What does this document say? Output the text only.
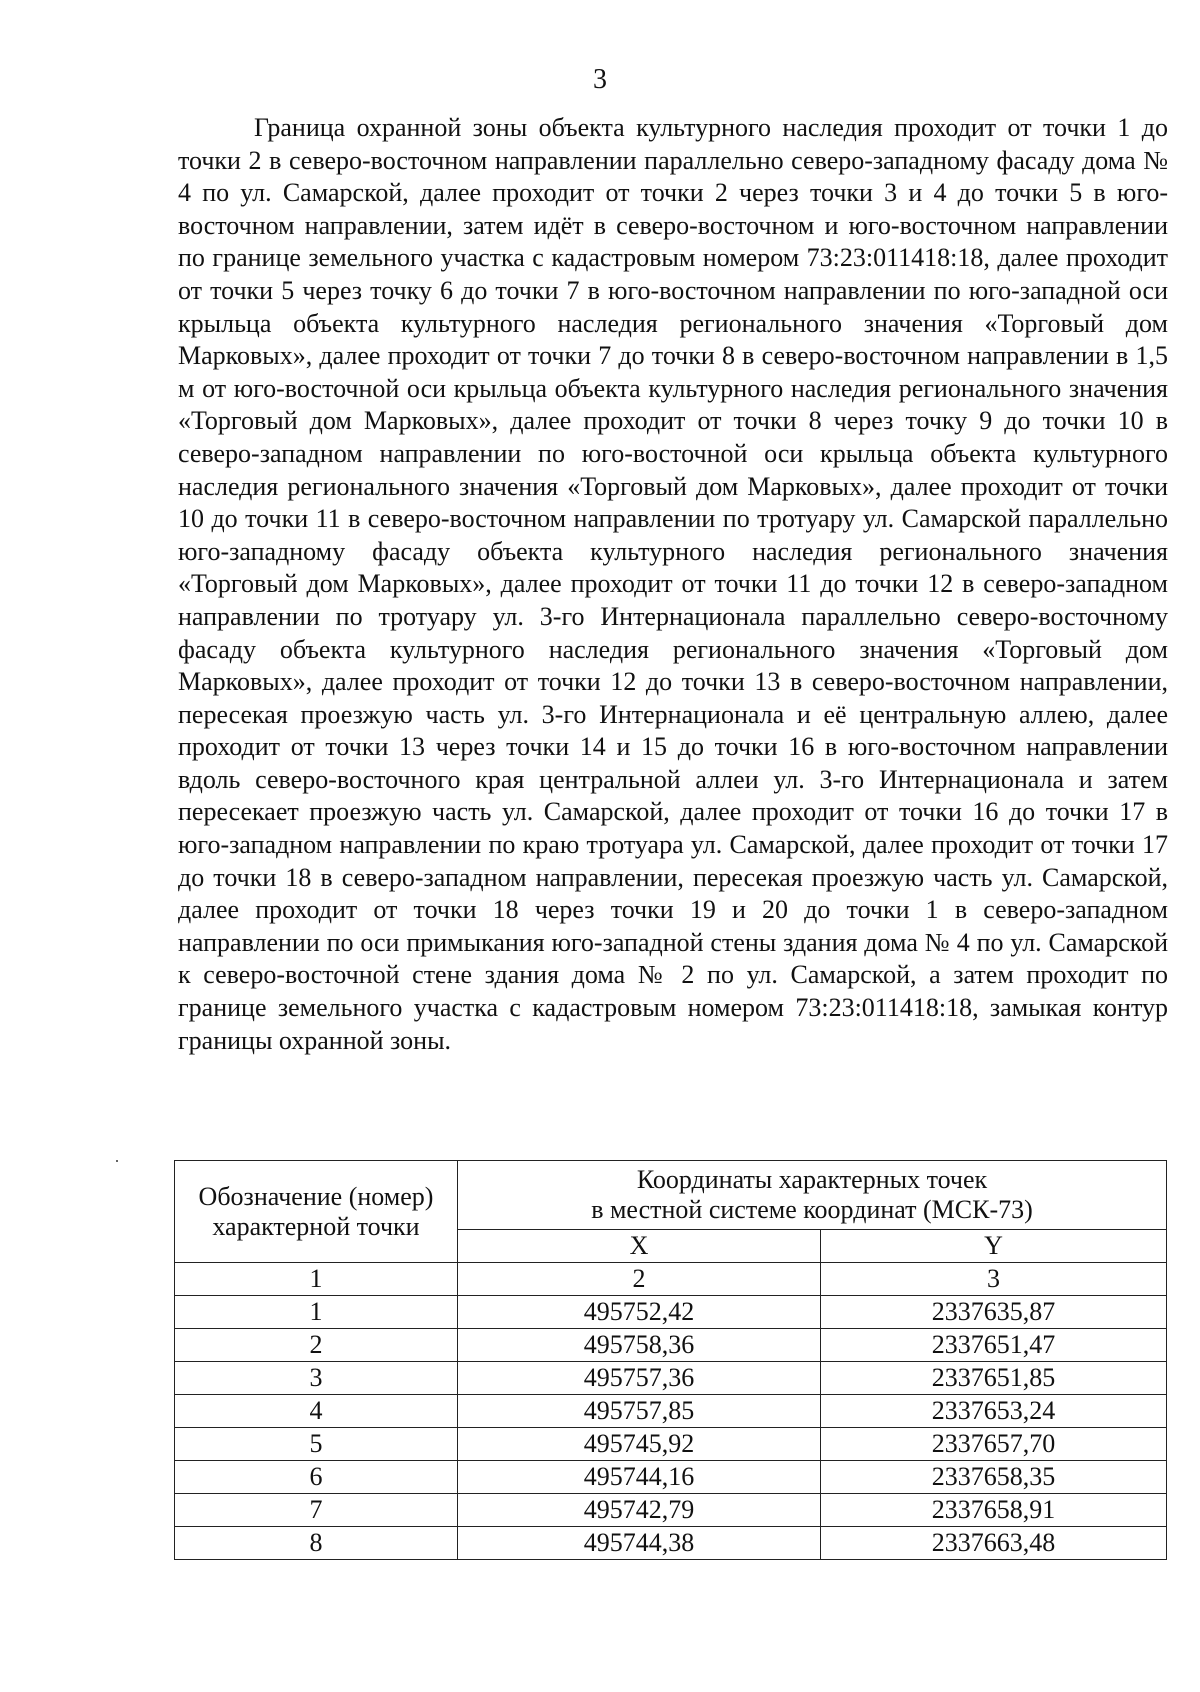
3

Граница охранной зоны объекта культурного наследия проходит от точки 1 до точки 2 в северо-восточном направлении параллельно северо-западному фасаду дома № 4 по ул. Самарской, далее проходит от точки 2 через точки 3 и 4 до точки 5 в юго-восточном направлении, затем идёт в северо-восточном и юго-восточном направлении по границе земельного участка с кадастровым номером 73:23:011418:18, далее проходит от точки 5 через точку 6 до точки 7 в юго-восточном направлении по юго-западной оси крыльца объекта культурного наследия регионального значения «Торговый дом Марковых», далее проходит от точки 7 до точки 8 в северо-восточном направлении в 1,5 м от юго-восточной оси крыльца объекта культурного наследия регионального значения «Торговый дом Марковых», далее проходит от точки 8 через точку 9 до точки 10 в северо-западном направлении по юго-восточной оси крыльца объекта культурного наследия регионального значения «Торговый дом Марковых», далее проходит от точки 10 до точки 11 в северо-восточном направлении по тротуару ул. Самарской параллельно юго-западному фасаду объекта культурного наследия регионального значения «Торговый дом Марковых», далее проходит от точки 11 до точки 12 в северо-западном направлении по тротуару ул. 3-го Интернационала параллельно северо-восточному фасаду объекта культурного наследия регионального значения «Торговый дом Марковых», далее проходит от точки 12 до точки 13 в северо-восточном направлении, пересекая проезжую часть ул. 3-го Интернационала и её центральную аллею, далее проходит от точки 13 через точки 14 и 15 до точки 16 в юго-восточном направлении вдоль северо-восточного края центральной аллеи ул. 3-го Интернационала и затем пересекает проезжую часть ул. Самарской, далее проходит от точки 16 до точки 17 в юго-западном направлении по краю тротуара ул. Самарской, далее проходит от точки 17 до точки 18 в северо-западном направлении, пересекая проезжую часть ул. Самарской, далее проходит от точки 18 через точки 19 и 20 до точки 1 в северо-западном направлении по оси примыкания юго-западной стены здания дома № 4 по ул. Самарской к северо-восточной стене здания дома № 2 по ул. Самарской, а затем проходит по границе земельного участка с кадастровым номером 73:23:011418:18, замыкая контур границы охранной зоны.

Обозначение (номер) характерной точки	Координаты характерных точек
в местной системе координат (МСК-73)	

	X	Y
1	2	3
1	495752,42	2337635,87
2	495758,36	2337651,47
3	495757,36	2337651,85
4	495757,85	2337653,24
5	495745,92	2337657,70
6	495744,16	2337658,35
7	495742,79	2337658,91
8	495744,38	2337663,48
